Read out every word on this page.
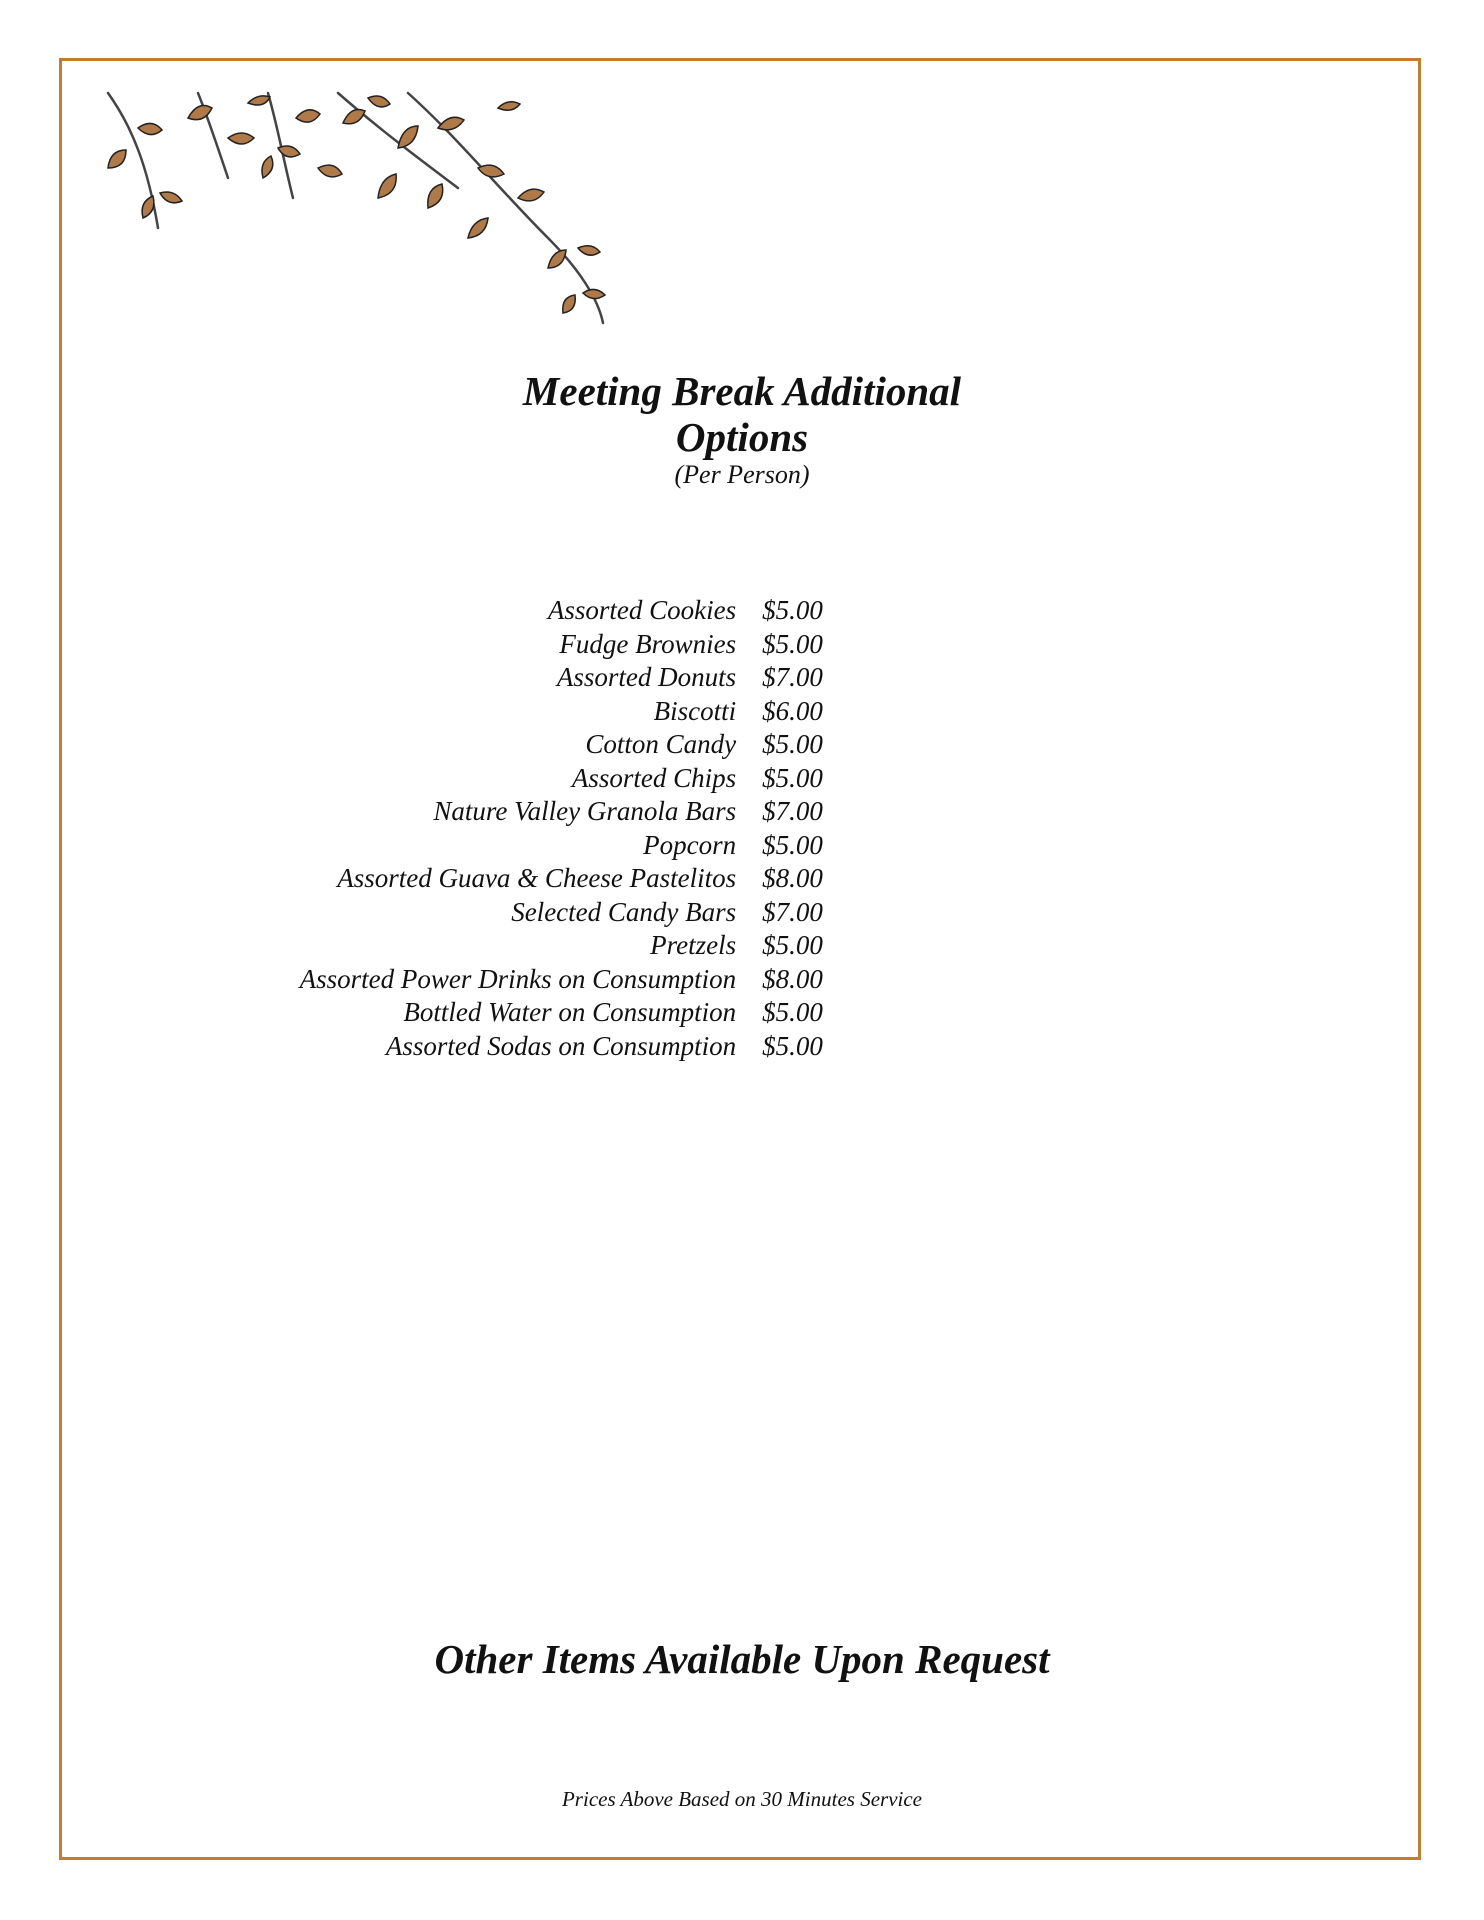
Meeting Break Additional
Options
(Per Person)
Assorted Cookies $5.00
Fudge Brownies $5.00
Assorted Donuts $7.00
Biscotti $6.00
Cotton Candy $5.00
Assorted Chips $5.00
Nature Valley Granola Bars $7.00
Popcorn $5.00
Assorted Guava & Cheese Pastelitos $8.00
Selected Candy Bars $7.00
Pretzels $5.00
Assorted Power Drinks on Consumption $8.00
Bottled Water on Consumption $5.00
Assorted Sodas on Consumption $5.00
Other Items Available Upon Request
Prices Above Based on 30 Minutes Service
